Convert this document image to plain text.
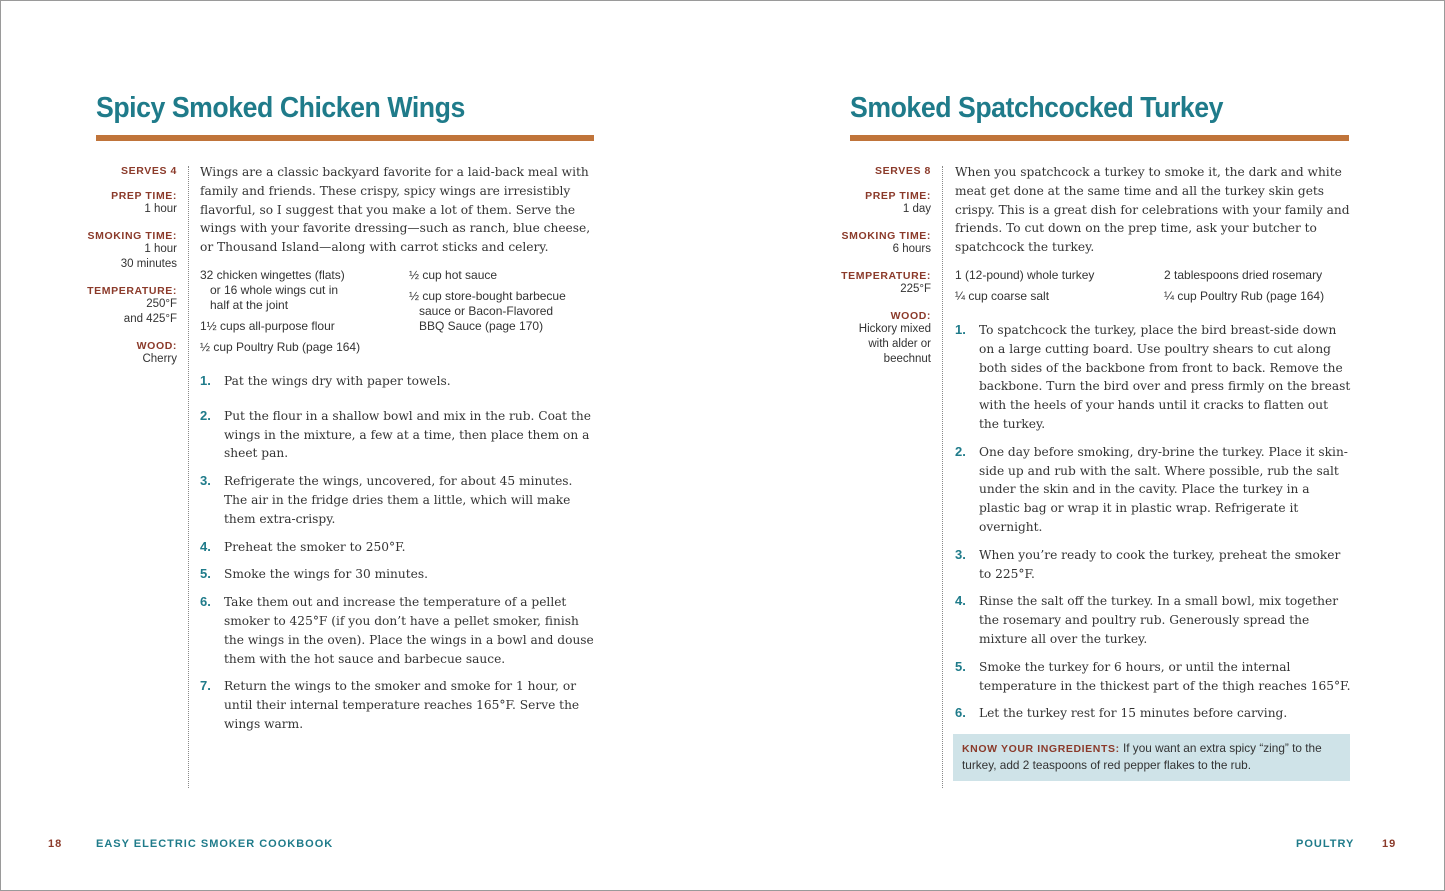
Spicy Smoked Chicken Wings
SERVES 4
PREP TIME:
1 hour
SMOKING TIME:
1 hour
30 minutes
TEMPERATURE:
250°F
and 425°F
WOOD:
Cherry
Wings are a classic backyard favorite for a laid-back meal with family and friends. These crispy, spicy wings are irresistibly flavorful, so I suggest that you make a lot of them. Serve the wings with your favorite dressing—such as ranch, blue cheese, or Thousand Island—along with carrot sticks and celery.
32 chicken wingettes (flats)
or 16 whole wings cut in
half at the joint
1½ cups all-purpose flour
½ cup Poultry Rub (page 164)
½ cup hot sauce
½ cup store-bought barbecue
sauce or Bacon-Flavored
BBQ Sauce (page 170)
1. Pat the wings dry with paper towels.
2. Put the flour in a shallow bowl and mix in the rub. Coat the wings in the mixture, a few at a time, then place them on a sheet pan.
3. Refrigerate the wings, uncovered, for about 45 minutes. The air in the fridge dries them a little, which will make them extra-crispy.
4. Preheat the smoker to 250°F.
5. Smoke the wings for 30 minutes.
6. Take them out and increase the temperature of a pellet smoker to 425°F (if you don’t have a pellet smoker, finish the wings in the oven). Place the wings in a bowl and douse them with the hot sauce and barbecue sauce.
7. Return the wings to the smoker and smoke for 1 hour, or until their internal temperature reaches 165°F. Serve the wings warm.
18	EASY ELECTRIC SMOKER COOKBOOK
Smoked Spatchcocked Turkey
SERVES 8
PREP TIME:
1 day
SMOKING TIME:
6 hours
TEMPERATURE:
225°F
WOOD:
Hickory mixed
with alder or
beechnut
When you spatchcock a turkey to smoke it, the dark and white meat get done at the same time and all the turkey skin gets crispy. This is a great dish for celebrations with your family and friends. To cut down on the prep time, ask your butcher to spatchcock the turkey.
1 (12-pound) whole turkey
¼ cup coarse salt
2 tablespoons dried rosemary
¼ cup Poultry Rub (page 164)
1. To spatchcock the turkey, place the bird breast-side down on a large cutting board. Use poultry shears to cut along both sides of the backbone from front to back. Remove the backbone. Turn the bird over and press firmly on the breast with the heels of your hands until it cracks to flatten out the turkey.
2. One day before smoking, dry-brine the turkey. Place it skin-side up and rub with the salt. Where possible, rub the salt under the skin and in the cavity. Place the turkey in a plastic bag or wrap it in plastic wrap. Refrigerate it overnight.
3. When you’re ready to cook the turkey, preheat the smoker to 225°F.
4. Rinse the salt off the turkey. In a small bowl, mix together the rosemary and poultry rub. Generously spread the mixture all over the turkey.
5. Smoke the turkey for 6 hours, or until the internal temperature in the thickest part of the thigh reaches 165°F.
6. Let the turkey rest for 15 minutes before carving.
KNOW YOUR INGREDIENTS: If you want an extra spicy “zing” to the turkey, add 2 teaspoons of red pepper flakes to the rub.
POULTRY	19
